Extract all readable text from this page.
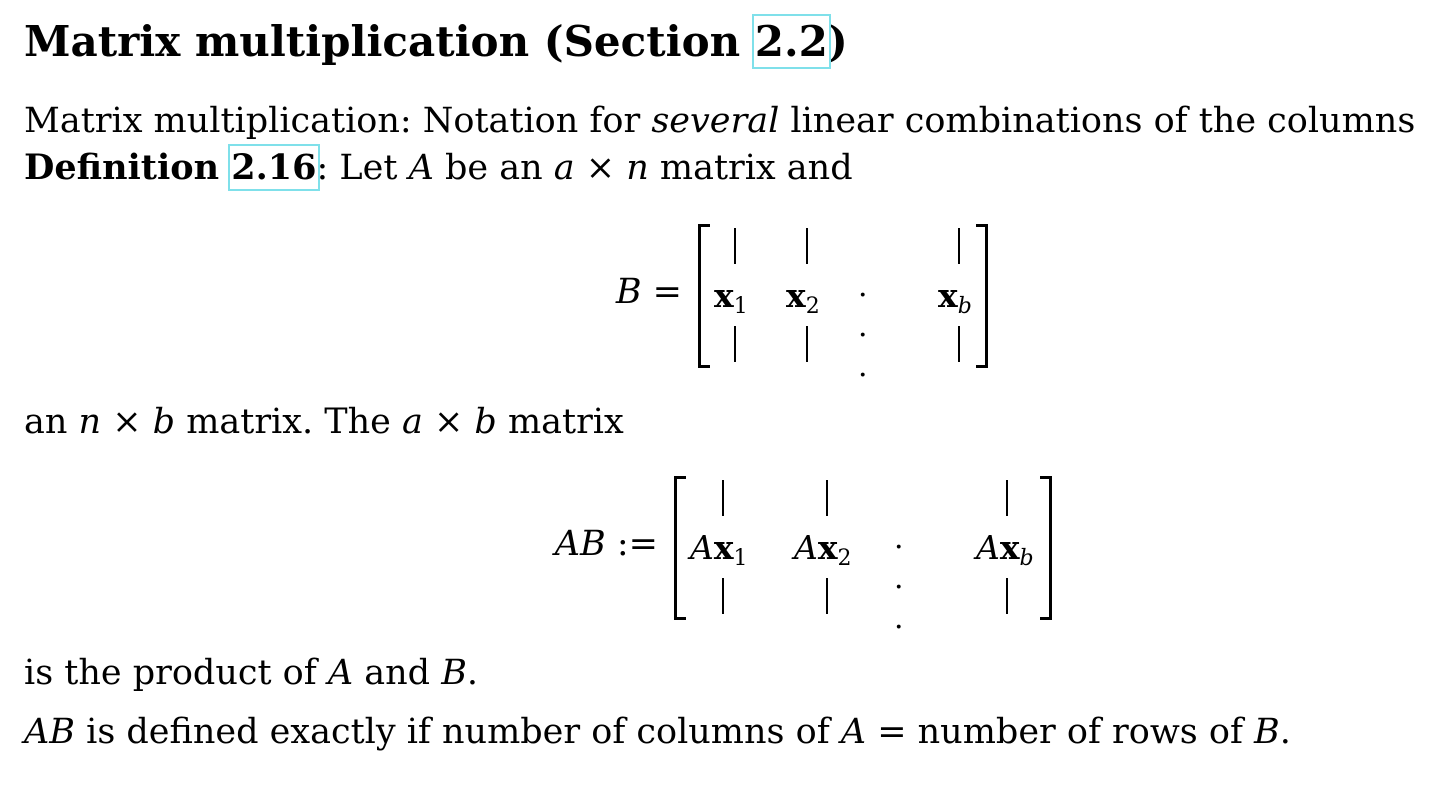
Matrix multiplication (Section 2.2)
Matrix multiplication: Notation for several linear combinations of the columns
Definition 2.16: Let A be an a × n matrix and
$B = x_1$ $x_2$ · · ·
$x_b$
an n × b matrix. The a × b matrix
AB := $Ax_1$ $Ax_2$ · · ·
$Ax_b$
is the product of A and B.
AB is defined exactly if number of columns of A = number of rows of B.
